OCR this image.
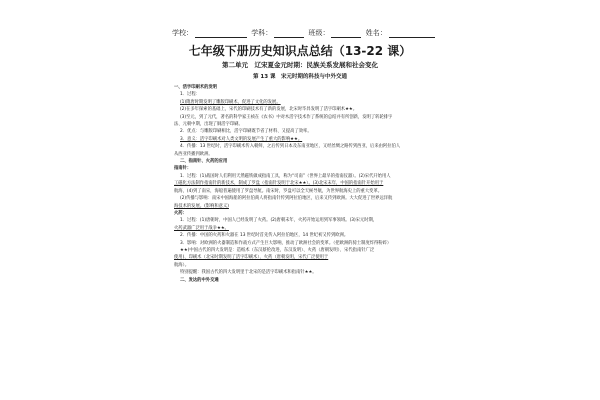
学校：	学科：	班级：	姓名：
七年级下册历史知识点总结（13-22 课）
第二单元　辽宋夏金元时期：民族关系发展和社会变化
第 13 课　宋元时期的科技与中外交通

一、活字印刷术的发明

1．过程：

(1)隋唐时期发明了雕版印刷术，促进了文化的发展。

(2)在多年探索的基础上，宋代的印刷技术有了新的发展，北宋时毕昇发明了活字印刷术★★。

(3)至元，到了元代，著名的科学家王祯在《农书》中对木活字技术作了系统的总结并有所创新，发明了转轮排字

法、元朝中期，出现了铜活字印刷。

2．优点：与雕版印刷相比，活字印刷既节省了材料、又提高了效率。

3．意义：活字印刷术对人类文明的发展产生了重大的影响★★。

4．传播：13 世纪时，活字印刷术传入朝鲜，之后传到日本及东南亚地区，又经丝绸之路传到西亚，后来由阿拉伯人

从西亚传播到欧洲。

二、指南针、火药的应用

指南针：

1．过程：(1)战国时人们利用天然磁铁做成指南工具，称为“司南”（世界上最早的指南仪器）。(2)宋代开始用人

工磁化方法制作指南针的新技术，制成了罗盘（指南针发明于北宋★★）。(3)北宋末年，中国的指南针开始用于

航海，(4)到了南宋，海船普遍使用了罗盘导航。南宋时，罗盘可以全天候导航，为世界航海史上的重大变革。

(2)传播与影响：南宋中国海船的阿拉伯商人将指南针传到阿拉伯地区，后来又传到欧洲。大大促进了世界远洋航

海技术的发展。(影响和意义)

火药：

1．过程：(1)唐朝时，中国人已经发明了火药。(2)唐朝末年，火药开始运用到军事领域。(3)宋元时期，

火药武器广泛用于战争★★。

2．传播：中国的火药和火器在 13 世纪时首先传入阿拉伯地区，14 世纪初又传到欧洲。

3．影响：对欧洲的火器制造和作战方式产生巨大影响，推动了欧洲社会的变革。（把欧洲的骑士制度炸得粉碎）

★★(中国古代的四大发明是：造纸术（东汉蔡伦改进，东汉发明）、火药（唐朝发明）、宋代指南针广泛

使用)、印刷术（北宋时期发明了活字印刷术）、火药（唐朝发明，宋代广泛使用于

航海）。

特别提醒：我国古代的四大发明里于北宋的是活字印刷术和指南针★★。

二、发达的中外交通
